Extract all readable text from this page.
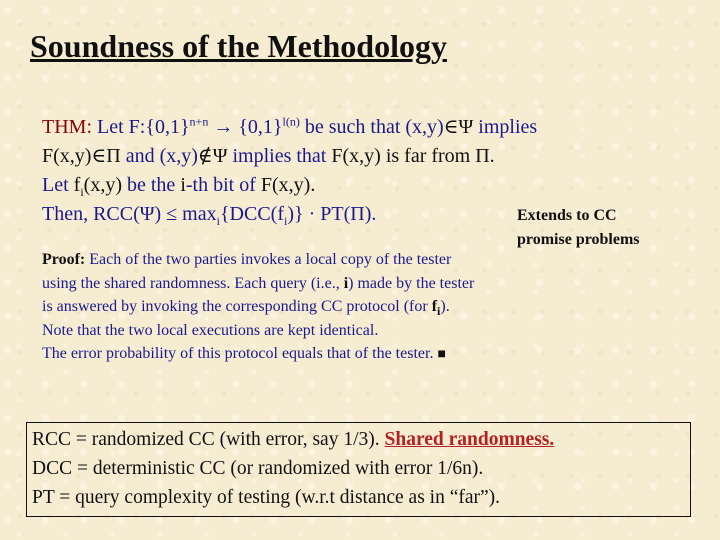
Soundness of the Methodology
THM: Let $F:\{0,1\}^{n+n} \to \{0,1\}^{l(n)}$ be such that (x,y)∈Ψ implies
F(x,y)∈Π and (x,y)∉Ψ implies that F(x,y) is far from Π.
Let $f_i(x,y)$ be the i-th bit of F(x,y).
Then, $RCC(\Psi) \le \max_i\{DCC(f_i)\} \cdot PT(\Pi)$.	Extends to CC
promise problems
Proof: Each of the two parties invokes a local copy of the tester
using the shared randomness. Each query (i.e., i) made by the tester
is answered by invoking the corresponding CC protocol (for $f_i$).
Note that the two local executions are kept identical.
The error probability of this protocol equals that of the tester. ■
RCC = randomized CC (with error, say 1/3). Shared randomness.
DCC = deterministic CC (or randomized with error 1/6n).
PT = query complexity of testing (w.r.t distance as in “far”).
